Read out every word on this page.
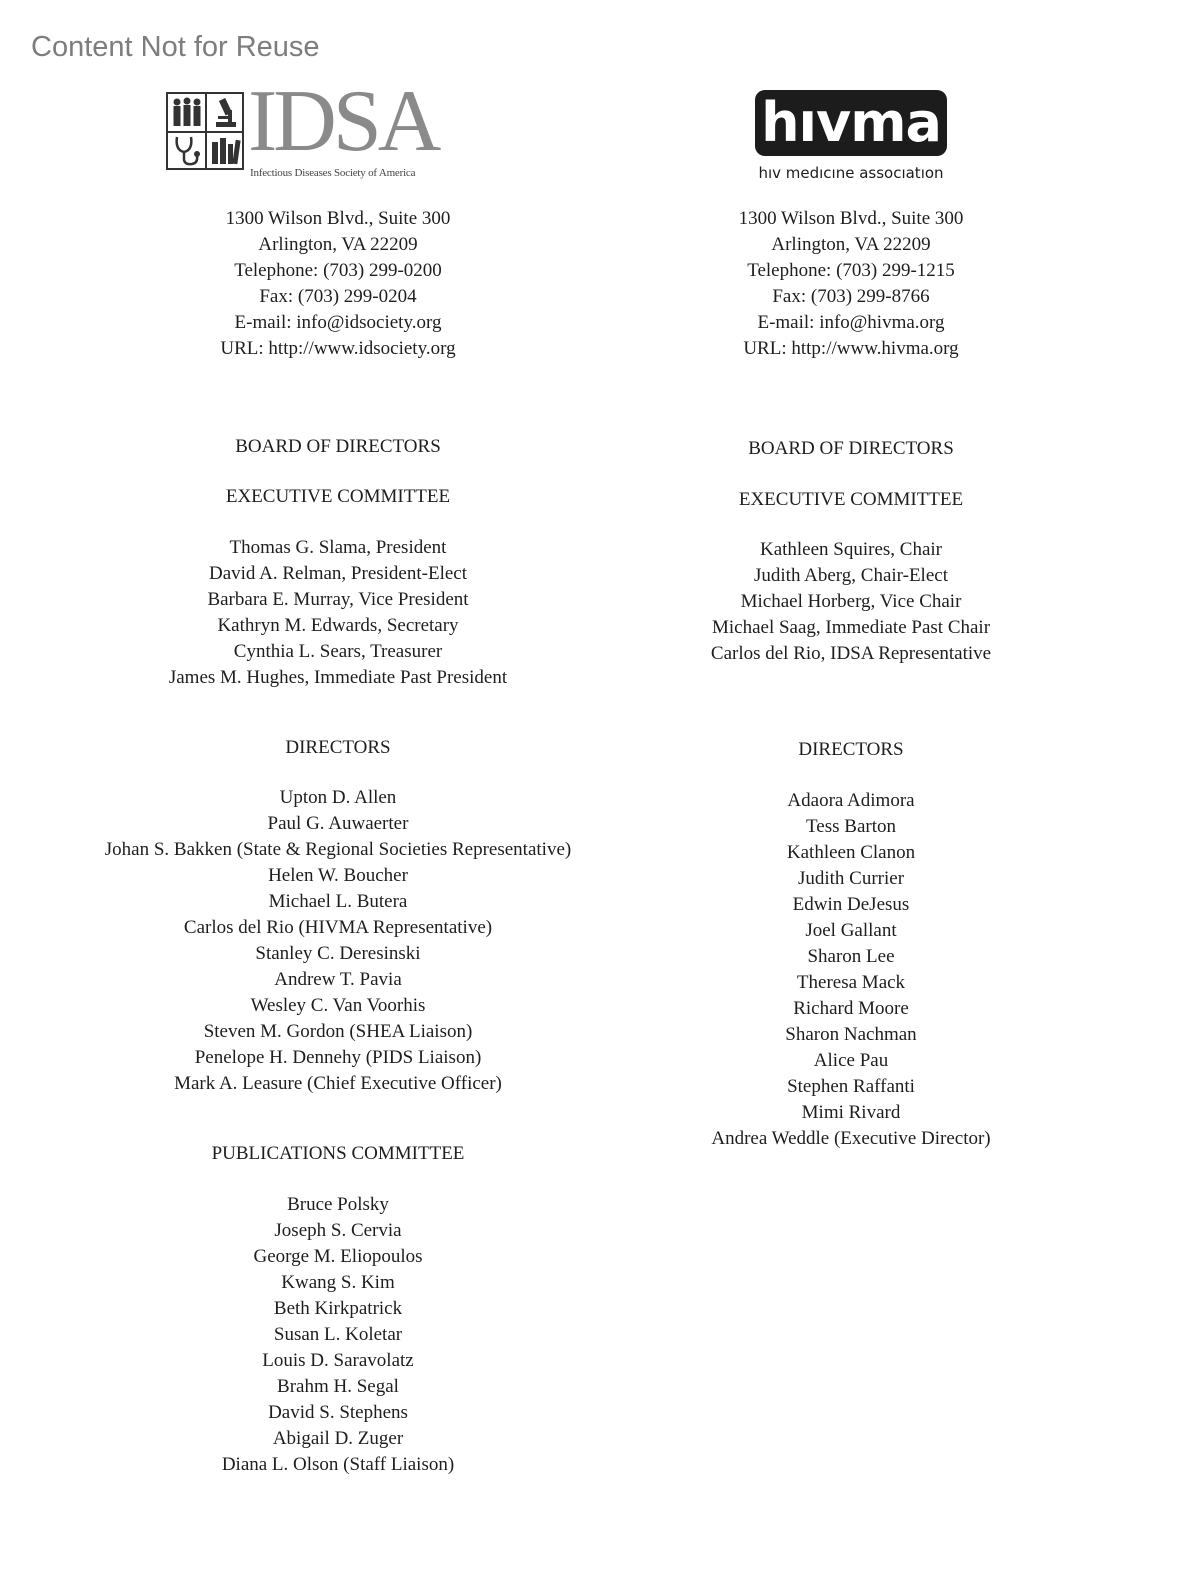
Content Not for Reuse
IDSA
Infectious Diseases Society of America
1300 Wilson Blvd., Suite 300
Arlington, VA 22209
Telephone: (703) 299-0200
Fax: (703) 299-0204
E-mail: info@idsociety.org
URL: http://www.idsociety.org
BOARD OF DIRECTORS
EXECUTIVE COMMITTEE
Thomas G. Slama, President
David A. Relman, President-Elect
Barbara E. Murray, Vice President
Kathryn M. Edwards, Secretary
Cynthia L. Sears, Treasurer
James M. Hughes, Immediate Past President
DIRECTORS
Upton D. Allen
Paul G. Auwaerter
Johan S. Bakken (State & Regional Societies Representative)
Helen W. Boucher
Michael L. Butera
Carlos del Rio (HIVMA Representative)
Stanley C. Deresinski
Andrew T. Pavia
Wesley C. Van Voorhis
Steven M. Gordon (SHEA Liaison)
Penelope H. Dennehy (PIDS Liaison)
Mark A. Leasure (Chief Executive Officer)
PUBLICATIONS COMMITTEE
Bruce Polsky
Joseph S. Cervia
George M. Eliopoulos
Kwang S. Kim
Beth Kirkpatrick
Susan L. Koletar
Louis D. Saravolatz
Brahm H. Segal
David S. Stephens
Abigail D. Zuger
Diana L. Olson (Staff Liaison)
hıvma
hıv medıcıne assocıatıon
1300 Wilson Blvd., Suite 300
Arlington, VA 22209
Telephone: (703) 299-1215
Fax: (703) 299-8766
E-mail: info@hivma.org
URL: http://www.hivma.org
BOARD OF DIRECTORS
EXECUTIVE COMMITTEE
Kathleen Squires, Chair
Judith Aberg, Chair-Elect
Michael Horberg, Vice Chair
Michael Saag, Immediate Past Chair
Carlos del Rio, IDSA Representative
DIRECTORS
Adaora Adimora
Tess Barton
Kathleen Clanon
Judith Currier
Edwin DeJesus
Joel Gallant
Sharon Lee
Theresa Mack
Richard Moore
Sharon Nachman
Alice Pau
Stephen Raffanti
Mimi Rivard
Andrea Weddle (Executive Director)
